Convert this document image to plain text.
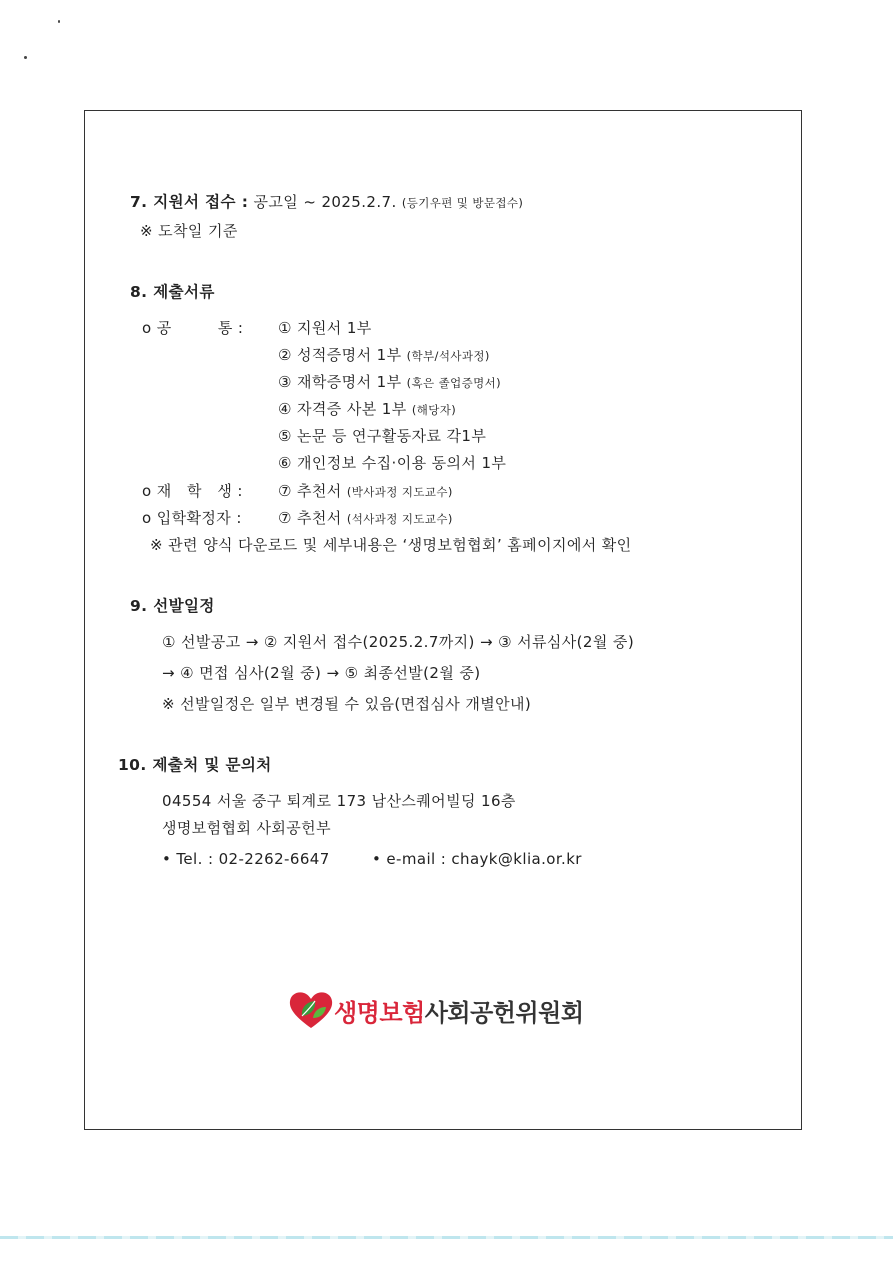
7. 지원서 접수 : 공고일 ~ 2025.2.7. (등기우편 및 방문접수)
※ 도착일 기준
8. 제출서류
o 공　　　통 : ① 지원서 1부
② 성적증명서 1부 (학부/석사과정)
③ 재학증명서 1부 (혹은 졸업증명서)
④ 자격증 사본 1부 (해당자)
⑤ 논문 등 연구활동자료 각1부
⑥ 개인정보 수집·이용 동의서 1부
o 재　학　생 : ⑦ 추천서 (박사과정 지도교수)
o 입학확정자 : ⑦ 추천서 (석사과정 지도교수)
※ 관련 양식 다운로드 및 세부내용은 ‘생명보험협회’ 홈페이지에서 확인
9. 선발일정
① 선발공고 → ② 지원서 접수(2025.2.7까지) → ③ 서류심사(2월 중)
→ ④ 면접 심사(2월 중) → ⑤ 최종선발(2월 중)
※ 선발일정은 일부 변경될 수 있음(면접심사 개별안내)
10. 제출처 및 문의처
04554 서울 중구 퇴계로 173 남산스퀘어빌딩 16층
생명보험협회 사회공헌부
• Tel. : 02-2262-6647	• e-mail : chayk@klia.or.kr
생명보험사회공헌위원회
